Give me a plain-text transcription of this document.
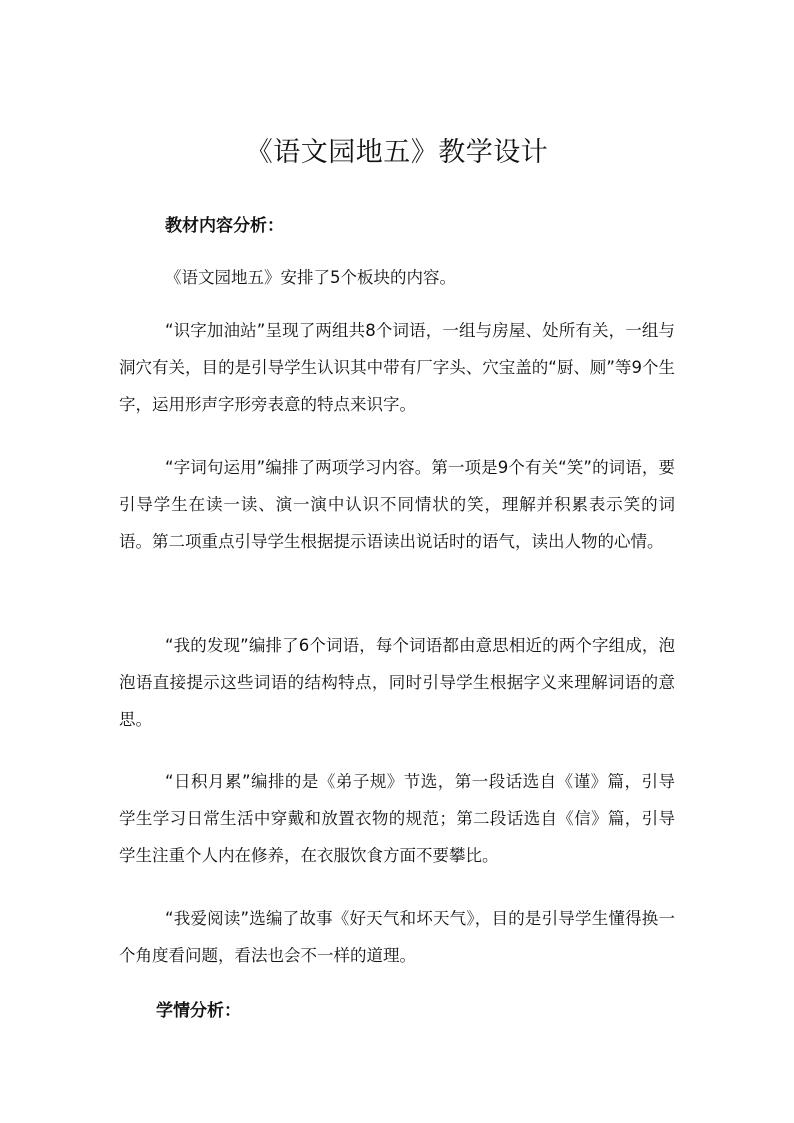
《语文园地五》教学设计
教材内容分析：
《语文园地五》安排了5个板块的内容。
“识字加油站”呈现了两组共8个词语，一组与房屋、处所有关，一组与洞穴有关，目的是引导学生认识其中带有厂字头、穴宝盖的“厨、厕”等9个生字，运用形声字形旁表意的特点来识字。
“字词句运用”编排了两项学习内容。第一项是9个有关“笑”的词语，要引导学生在读一读、演一演中认识不同情状的笑，理解并积累表示笑的词语。第二项重点引导学生根据提示语读出说话时的语气，读出人物的心情。
“我的发现”编排了6个词语，每个词语都由意思相近的两个字组成，泡泡语直接提示这些词语的结构特点，同时引导学生根据字义来理解词语的意思。
“日积月累”编排的是《弟子规》节选，第一段话选自《谨》篇，引导学生学习日常生活中穿戴和放置衣物的规范；第二段话选自《信》篇，引导学生注重个人内在修养，在衣服饮食方面不要攀比。
“我爱阅读”选编了故事《好天气和坏天气》，目的是引导学生懂得换一个角度看问题，看法也会不一样的道理。
学情分析：
